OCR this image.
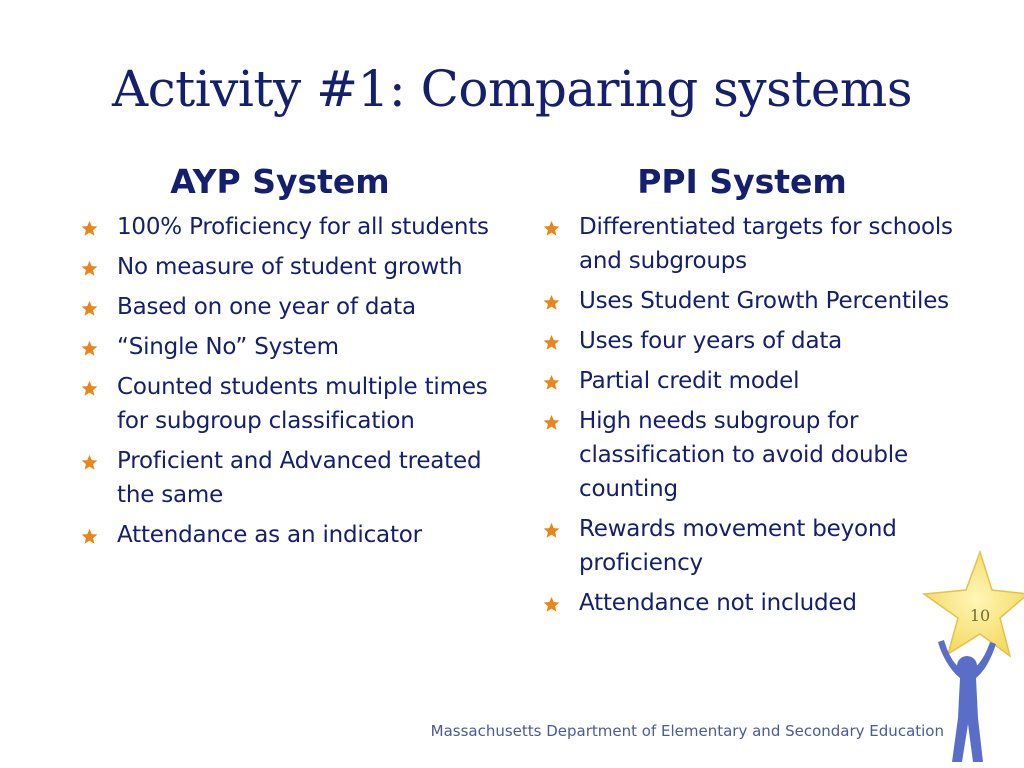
Activity #1: Comparing systems
AYP System
100% Proficiency for all students
No measure of student growth
Based on one year of data
“Single No” System
Counted students multiple times for subgroup classification
Proficient and Advanced treated the same
Attendance as an indicator
PPI System
Differentiated targets for schools and subgroups
Uses Student Growth Percentiles
Uses four years of data
Partial credit model
High needs subgroup for classification to avoid double counting
Rewards movement beyond proficiency
Attendance not included
Massachusetts Department of Elementary and Secondary Education
10
